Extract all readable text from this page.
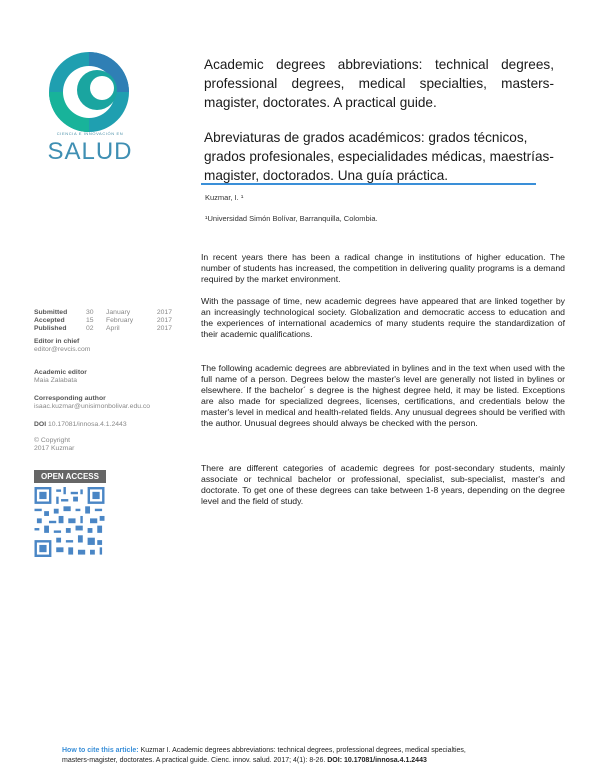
CIENCIA E INNOVACIÓN EN
SALUD
Academic degrees abbreviations: technical degrees, professional degrees, medical specialties, masters-magister, doctorates. A practical guide.
Abreviaturas de grados académicos: grados técnicos, grados profesionales, especialidades médicas, maestrías-magister, doctorados. Una guía práctica.
Kuzmar, I. ¹
¹Universidad Simón Bolívar, Barranquilla, Colombia.
Submitted	30	January	2017
Accepted	15	February	2017
Published	02	April	2017
Editor in chief
editor@revcis.com
Academic editor
Maia Zalabata
Corresponding author
isaac.kuzmar@unisimonbolivar.edu.co
DOI 10.17081/innosa.4.1.2443
© Copyright
2017 Kuzmar
OPEN ACCESS
In recent years there has been a radical change in institutions of higher education. The number of students has increased, the competition in delivering quality programs is a demand required by the market environment.
With the passage of time, new academic degrees have appeared that are linked together by an increasingly technological society. Globalization and democratic access to education and the experiences of international academics of many students require the standardization of their academic qualifications.
The following academic degrees are abbreviated in bylines and in the text when used with the full name of a person. Degrees below the master's level are generally not listed in bylines or elsewhere. If the bachelor´ s degree is the highest degree held, it may be listed. Exceptions are also made for specialized degrees, licenses, certifications, and credentials below the master's level in medical and health-related fields. Any unusual degrees should be verified with the author. Unusual degrees should always be checked with the person.
There are different categories of academic degrees for post-secondary students, mainly associate or technical bachelor or professional, specialist, sub-specialist, master's and doctorate. To get one of these degrees can take between 1-8 years, depending on the degree level and the field of study.
How to cite this article: Kuzmar I. Academic degrees abbreviations: technical degrees, professional degrees, medical specialties,
masters-magister, doctorates. A practical guide. Cienc. innov. salud. 2017; 4(1): 8-26. DOI: 10.17081/innosa.4.1.2443
